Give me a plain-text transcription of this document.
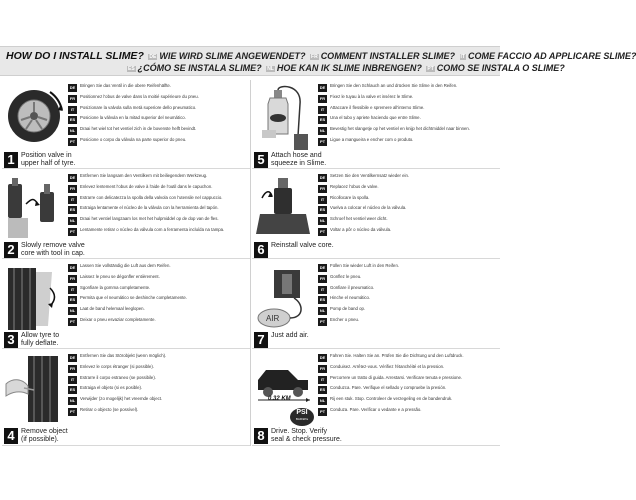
HOW DO I INSTALL SLIME? DE WIE WIRD SLIME ANGEWENDET? FR COMMENT INSTALLER SLIME? IT COME FACCIO AD APPLICARE SLIME?
ES ¿CÓMO SE INSTALA SLIME? NL HOE KAN IK SLIME INBRENGEN? PT COMO SE INSTALA O SLIME?
1 Position valve in
upper half of tyre.
DE	Bringen Sie das Ventil in die obere Reifenhälfte.
FR	Positionnez l'obus de valve dans la moitié supérieure du pneu.
IT	Posizionare la valvola sulla metà superiore dello pneumatico.
ES	Posicione la válvula en la mitad superior del neumático.
NL	Draai het wiel tot het ventiel zich in de bovenste helft bevindt.
PT	Posicione o corpo da válvula na parte superior do pneu.
5 Attach hose and
squeeze in Slime.
DE	Bringen Sie den Schlauch an und drücken Sie Slime in den Reifen.
FR	Fixez le tuyau à la valve et insérez le Slime.
IT	Attaccare il flessibile e spremere all'interno Slime.
ES	Una el tubo y apriete haciendo que entre Slime.
NL	Bevestig het slangetje op het ventiel en knijp het dichtmiddel naar binnen.
PT	Ligue a mangueira e encher com o produto.
2 Slowly remove valve
core with tool in cap.
DE	Entfernen Sie langsam den Ventilkern mit beiliegendem Werkzeug.
FR	Enlevez lentement l'obus de valve à l'aide de l'outil dans le capuchon.
IT	Estrarre con delicatezza la spolla della valvola con l'utensile nel cappuccio.
ES	Extraiga lentamente el núcleo de la válvula con la herramienta del tapón.
NL	Draai het ventiel langzaam los met het hulpmiddel op de dop van de fles.
PT	Lentamente retirar o núcleo da válvula com a ferramenta incluída na tampa.
6 Reinstall valve core.
DE	Setzen Sie den Ventilkernsatz wieder ein.
FR	Replacez l'obus de valve.
IT	Ricollocare la spolla.
ES	Vuelva a colocar el núcleo de la válvula.
NL	Schroef het ventiel weer dicht.
PT	Voltar a pôr o núcleo da válvula.
3 Allow tyre to
fully deflate.
DE	Lassen Sie vollständig die Luft aus dem Reifen.
FR	Laissez le pneu se dégonfler entièrement.
IT	Sgonfiare la gomma completamente.
ES	Permita que el neumático se deshinche completamente.
NL	Laat de band helemaal leeglopen.
PT	Deixar o pneu esvaziar completamente.	AIR
7 Just add air.
DE	Füllen Sie wieder Luft in den Reifen.
FR	Gonflez le pneu.
IT	Gonfiare il pneumatico.
ES	Hinche el neumático.
NL	Pomp de band op.
PT	Encher o pneu.
4 Remove object
(if possible).
DE	Entfernen Sie das Störobjekt (wenn möglich).
FR	Enlevez le corps étranger (si possible).
IT	Estrarre il corpo estraneo (se possibile).
ES	Extraiga el objeto (si es posible).
NL	Verwijder (zo mogelijk) het vreemde object.
PT	Retirar o objecto (se possível).
0.32 KM
PSI
BAR/kPa
8 Drive. Stop. Verify
seal & check pressure.
DE	Fahren Sie. Halten Sie an. Prüfen Sie die Dichtung und den Luftdruck.
FR	Conduisez. Arrêtez-vous. Vérifiez l'étanchéité et la pression.
IT	Percorrere un tratto di guida. Arrestarsi. Verificare tenuta e pressione.
ES	Conduzca. Pare. Verifique el sellado y compruebe la presión.
NL	Rij een stuk. Stop. Controleer de verzegeling en de bandendruk.
PT	Conduza. Pare. Verificar o vedante e a pressão.
